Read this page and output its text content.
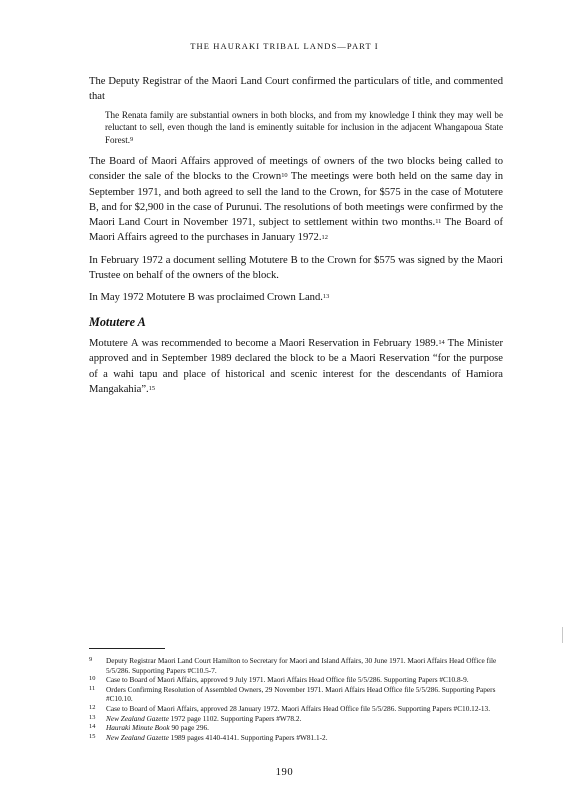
THE HAURAKI TRIBAL LANDS—PART I

The Deputy Registrar of the Maori Land Court confirmed the particulars of title, and commented that

The Renata family are substantial owners in both blocks, and from my knowledge I think they may well be reluctant to sell, even though the land is eminently suitable for inclusion in the adjacent Whangapoua State Forest.$^9$

The Board of Maori Affairs approved of meetings of owners of the two blocks being called to consider the sale of the blocks to the Crown$^{10}$ The meetings were both held on the same day in September 1971, and both agreed to sell the land to the Crown, for $575 in the case of Motutere B, and for $2,900 in the case of Purunui. The resolutions of both meetings were confirmed by the Maori Land Court in November 1971, subject to settlement within two months.$^{11}$ The Board of Maori Affairs agreed to the purchases in January 1972.12

In February 1972 a document selling Motutere B to the Crown for $575 was signed by the Maori Trustee on behalf of the owners of the block.

In May 1972 Motutere B was proclaimed Crown Land.$^{13}$

Motutere A

Motutere A was recommended to become a Maori Reservation in February 1989.14 The Minister approved and in September 1989 declared the block to be a Maori Reservation “for the purpose of a wahi tapu and place of historical and scenic interest for the descendants of Hamiora Mangakahia”.$^{15}$

9 Deputy Registrar Maori Land Court Hamilton to Secretary for Maori and Island Affairs, 30 June 1971. Maori Affairs Head Office file 5/5/286. Supporting Papers #C10.5-7.

10 Case to Board of Maori Affairs, approved 9 July 1971. Maori Affairs Head Office file 5/5/286. Supporting Papers #C10.8-9.

11 Orders Confirming Resolution of Assembled Owners, 29 November 1971. Maori Affairs Head Office file 5/5/286. Supporting Papers #C10.10.

12 Case to Board of Maori Affairs, approved 28 January 1972. Maori Affairs Head Office file 5/5/286. Supporting Papers #C10.12-13.

13 New Zealand Gazette 1972 page 1102. Supporting Papers #W78.2.

14 Hauraki Minute Book 90 page 296.

15 New Zealand Gazette 1989 pages 4140-4141. Supporting Papers #W81.1-2.

190
